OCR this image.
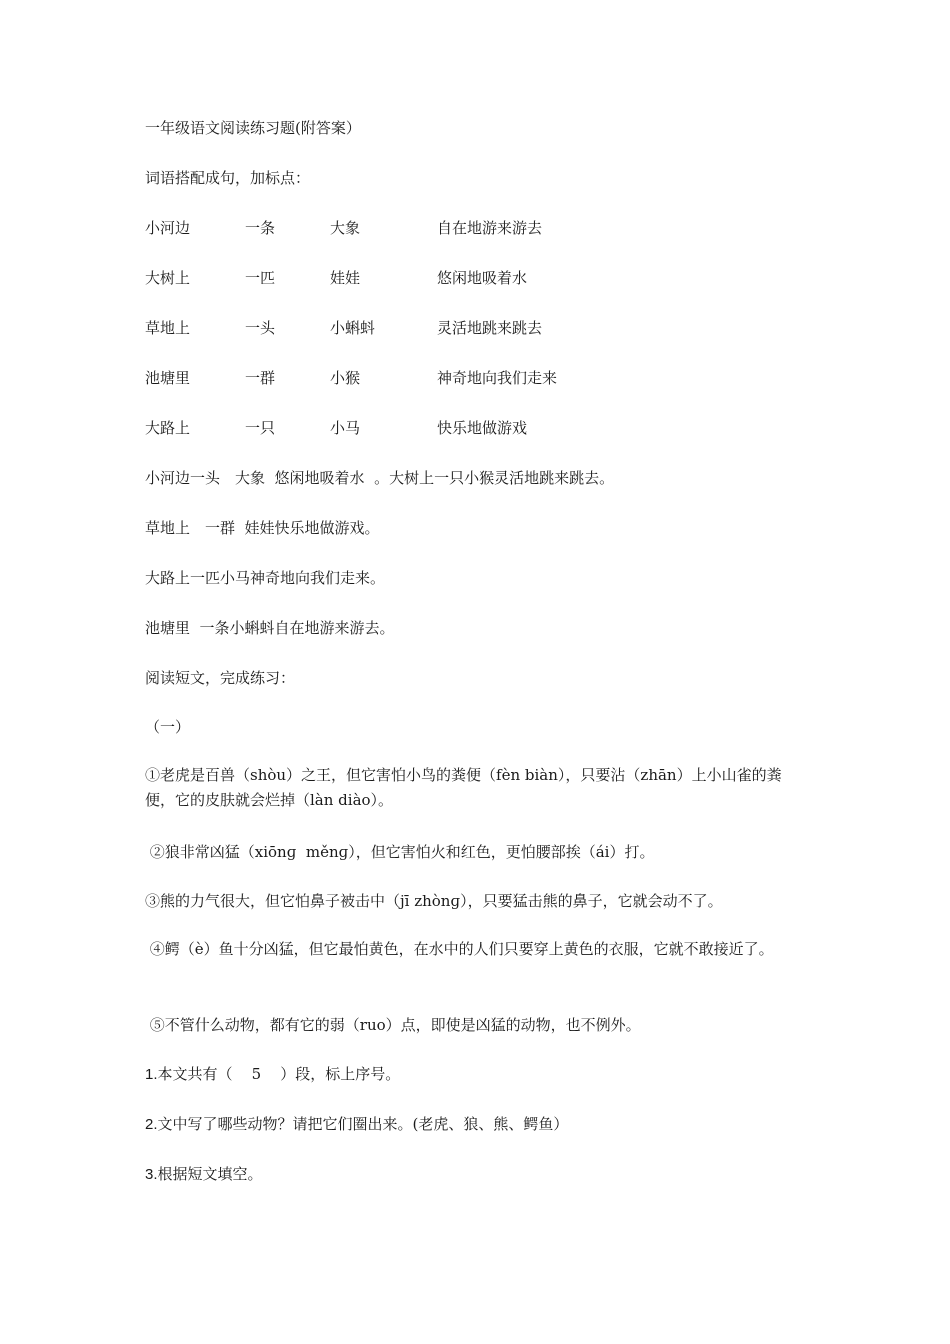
一年级语文阅读练习题(附答案）
词语搭配成句，加标点：
小河边	一条	大象	自在地游来游去
大树上	一匹	娃娃	悠闲地吸着水
草地上	一头	小蝌蚪	灵活地跳来跳去
池塘里	一群	小猴	神奇地向我们走来
大路上	一只	小马	快乐地做游戏
小河边一头　大象  悠闲地吸着水  。大树上一只小猴灵活地跳来跳去。
草地上　一群  娃娃快乐地做游戏。
大路上一匹小马神奇地向我们走来。
池塘里  一条小蝌蚪自在地游来游去。
阅读短文，完成练习：
（一）
①老虎是百兽（shòu）之王，但它害怕小鸟的粪便（fèn biàn），只要沾（zhān）上小山雀的粪便，它的皮肤就会烂掉（làn diào）。
②狼非常凶猛（xiōnɡ  měnɡ），但它害怕火和红色，更怕腰部挨（ái）打。
③熊的力气很大，但它怕鼻子被击中（jī zhònɡ），只要猛击熊的鼻子，它就会动不了。
④鳄（è）鱼十分凶猛，但它最怕黄色，在水中的人们只要穿上黄色的衣服，它就不敢接近了。
⑤不管什么动物，都有它的弱（ruo）点，即使是凶猛的动物，也不例外。
1.本文共有（    5    ）段，标上序号。
2.文中写了哪些动物？请把它们圈出来。(老虎、狼、熊、鳄鱼）
3.根据短文填空。
